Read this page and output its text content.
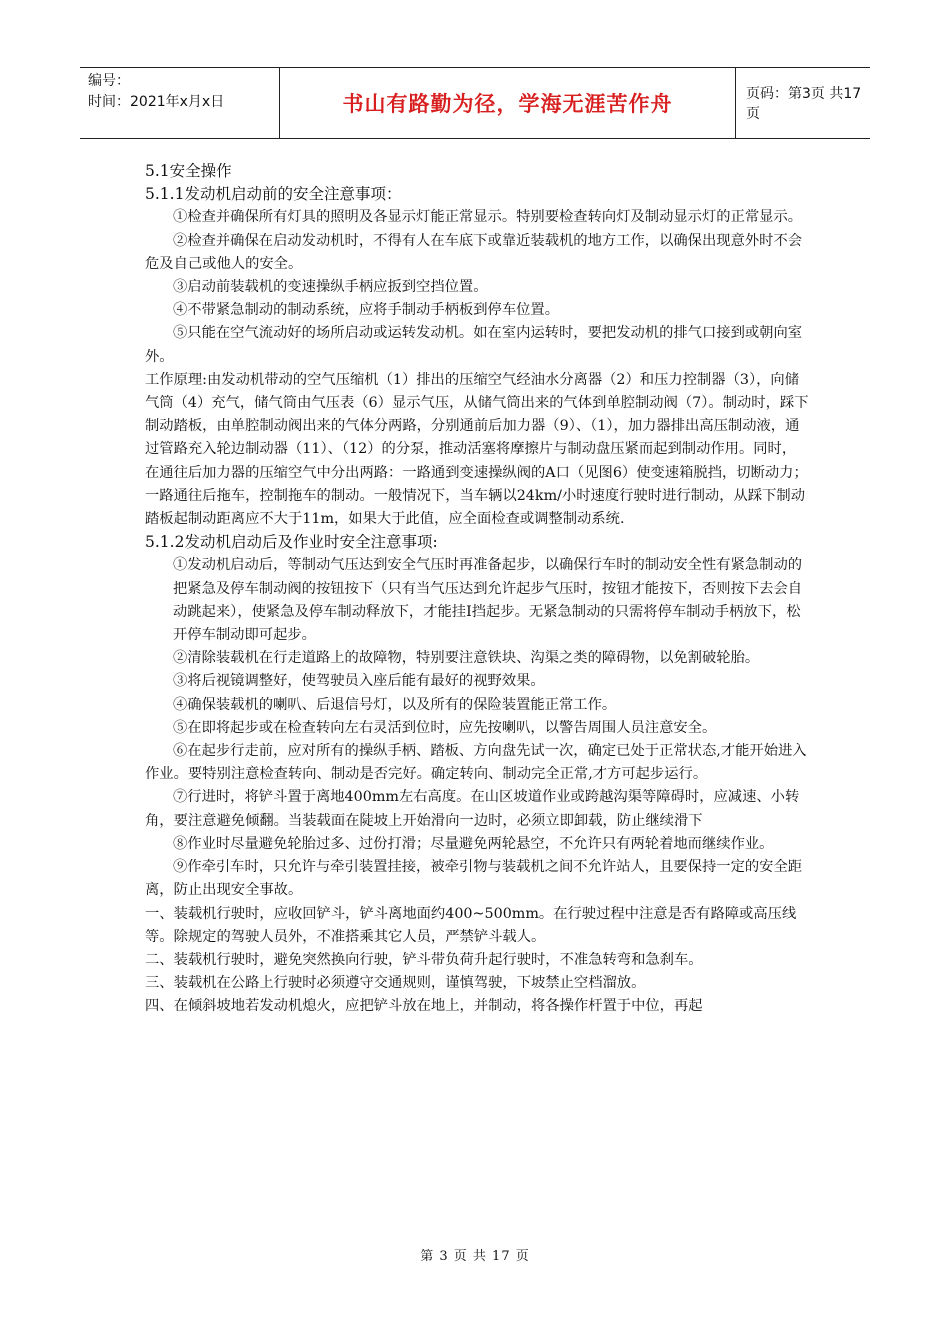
编号：
时间：2021年x月x日	书山有路勤为径，学海无涯苦作舟	页码：第3页 共17页

5.1安全操作

5.1.1发动机启动前的安全注意事项：

①检查并确保所有灯具的照明及各显示灯能正常显示。特别要检查转向灯及制动显示灯的正常显示。

②检查并确保在启动发动机时，不得有人在车底下或靠近装载机的地方工作，以确保出现意外时不会危及自己或他人的安全。

③启动前装载机的变速操纵手柄应扳到空挡位置。

④不带紧急制动的制动系统，应将手制动手柄板到停车位置。

⑤只能在空气流动好的场所启动或运转发动机。如在室内运转时，要把发动机的排气口接到或朝向室外。

工作原理:由发动机带动的空气压缩机（1）排出的压缩空气经油水分离器（2）和压力控制器（3），向储气筒（4）充气，储气筒由气压表（6）显示气压，从储气筒出来的气体到单腔制动阀（7）。制动时，踩下制动踏板，由单腔制动阀出来的气体分两路，分别通前后加力器（9）、（1），加力器排出高压制动液，通过管路充入轮边制动器（11）、（12）的分泵，推动活塞将摩擦片与制动盘压紧而起到制动作用。同时，在通往后加力器的压缩空气中分出两路：一路通到变速操纵阀的A口（见图6）使变速箱脱挡，切断动力；一路通往后拖车，控制拖车的制动。一般情况下，当车辆以24km/小时速度行驶时进行制动，从踩下制动踏板起制动距离应不大于11m，如果大于此值，应全面检查或调整制动系统.

5.1.2发动机启动后及作业时安全注意事项:

①发动机启动后，等制动气压达到安全气压时再准备起步，以确保行车时的制动安全性有紧急制动的把紧急及停车制动阀的按钮按下（只有当气压达到允许起步气压时，按钮才能按下，否则按下去会自动跳起来），使紧急及停车制动释放下，才能挂Ⅰ挡起步。无紧急制动的只需将停车制动手柄放下，松开停车制动即可起步。

②清除装载机在行走道路上的故障物，特别要注意铁块、沟渠之类的障碍物，以免割破轮胎。

③将后视镜调整好，使驾驶员入座后能有最好的视野效果。

④确保装载机的喇叭、后退信号灯，以及所有的保险装置能正常工作。

⑤在即将起步或在检查转向左右灵活到位时，应先按喇叭，以警告周围人员注意安全。

⑥在起步行走前，应对所有的操纵手柄、踏板、方向盘先试一次，确定已处于正常状态,才能开始进入作业。要特别注意检查转向、制动是否完好。确定转向、制动完全正常,才方可起步运行。

⑦行进时，将铲斗置于离地400mm左右高度。在山区坡道作业或跨越沟渠等障碍时，应减速、小转角，要注意避免倾翻。当装载面在陡坡上开始滑向一边时，必须立即卸载，防止继续滑下

⑧作业时尽量避免轮胎过多、过份打滑；尽量避免两轮悬空，不允许只有两轮着地而继续作业。

⑨作牵引车时，只允许与牵引装置挂接，被牵引物与装载机之间不允许站人，且要保持一定的安全距离，防止出现安全事故。

一、装载机行驶时，应收回铲斗，铲斗离地面约400~500mm。在行驶过程中注意是否有路障或高压线等。除规定的驾驶人员外，不准搭乘其它人员，严禁铲斗载人。

二、装载机行驶时，避免突然换向行驶，铲斗带负荷升起行驶时，不准急转弯和急刹车。

三、装载机在公路上行驶时必须遵守交通规则，谨慎驾驶，下坡禁止空档溜放。

四、在倾斜坡地若发动机熄火，应把铲斗放在地上，并制动，将各操作杆置于中位，再起

第 3 页 共 17 页
